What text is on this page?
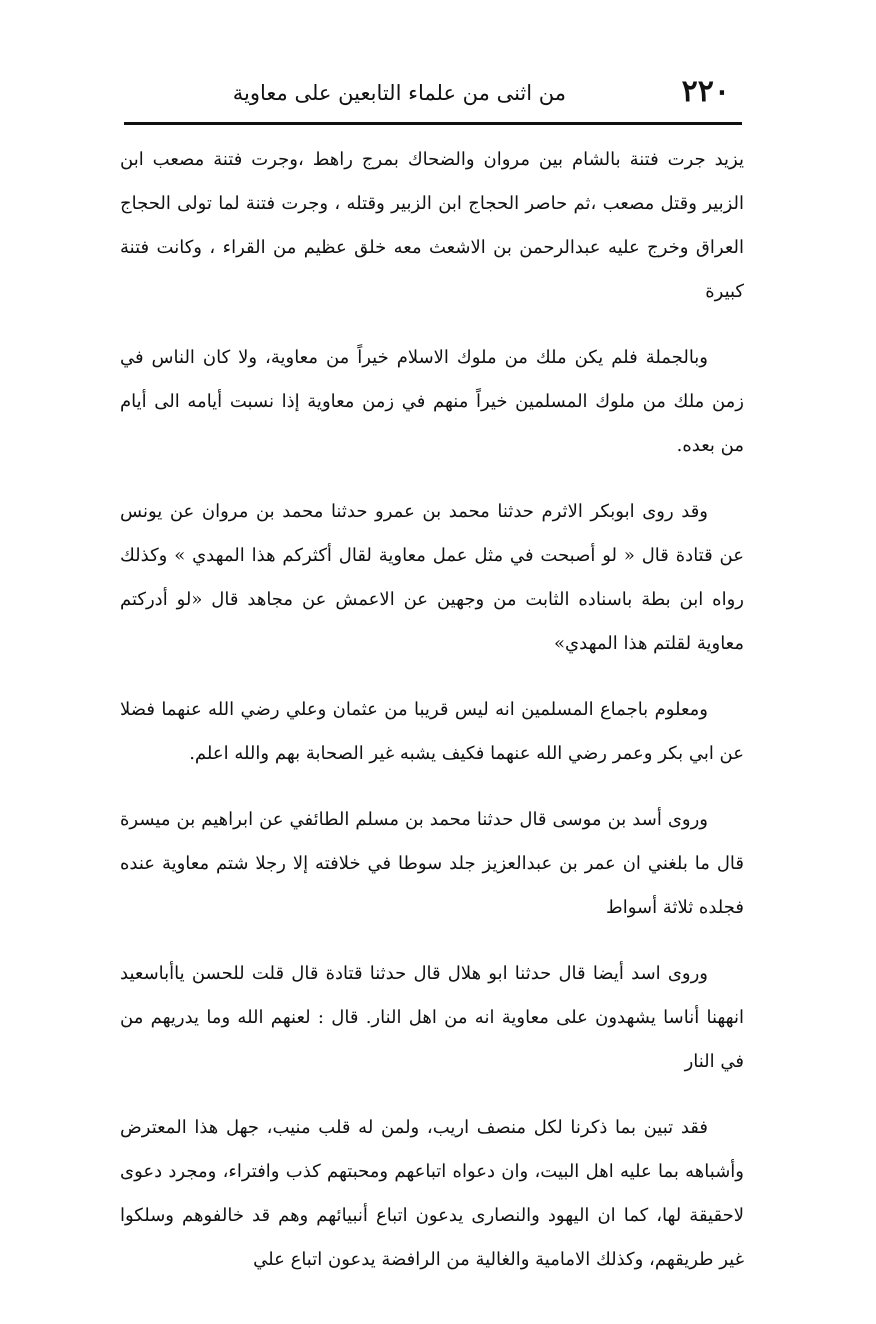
٢٢٠
من اثنى من علماء التابعين على معاوية

يزيد جرت فتنة بالشام بين مروان والضحاك بمرج راهط ،وجرت فتنة مصعب ابن الزبير وقتل مصعب ،ثم حاصر الحجاج ابن الزبير وقتله ، وجرت فتنة لما تولى الحجاج العراق وخرج عليه عبدالرحمن بن الاشعث معه خلق عظيم من القراء ، وكانت فتنة كبيرة

وبالجملة فلم يكن ملك من ملوك الاسلام خيراً من معاوية، ولا كان الناس في زمن ملك من ملوك المسلمين خيراً منهم في زمن معاوية إذا نسبت أيامه الى أيام من بعده.

وقد روى ابوبكر الاثرم حدثنا محمد بن عمرو حدثنا محمد بن مروان عن يونس عن قتادة قال « لو أصبحت في مثل عمل معاوية لقال أكثركم هذا المهدي » وكذلك رواه ابن بطة باسناده الثابت من وجهين عن الاعمش عن مجاهد قال «لو أدركتم معاوية لقلتم هذا المهدي»

ومعلوم باجماع المسلمين انه ليس قريبا من عثمان وعلي رضي الله عنهما فضلا عن ابي بكر وعمر رضي الله عنهما فكيف يشبه غير الصحابة بهم والله اعلم.

وروى أسد بن موسى قال حدثنا محمد بن مسلم الطائفي عن ابراهيم بن ميسرة قال ما بلغني ان عمر بن عبدالعزيز جلد سوطا في خلافته إلا رجلا شتم معاوية عنده فجلده ثلاثة أسواط

وروى اسد أيضا قال حدثنا ابو هلال قال حدثنا قتادة قال قلت للحسن ياأباسعيد انههنا أناسا يشهدون على معاوية انه من اهل النار. قال : لعنهم الله وما يدريهم من في النار

فقد تبين بما ذكرنا لكل منصف اريب، ولمن له قلب منيب، جهل هذا المعترض وأشباهه بما عليه اهل البيت، وان دعواه اتباعهم ومحبتهم كذب وافتراء، ومجرد دعوى لاحقيقة لها، كما ان اليهود والنصارى يدعون اتباع أنبيائهم وهم قد خالفوهم وسلكوا غير طريقهم، وكذلك الامامية والغالية من الرافضة يدعون اتباع علي
